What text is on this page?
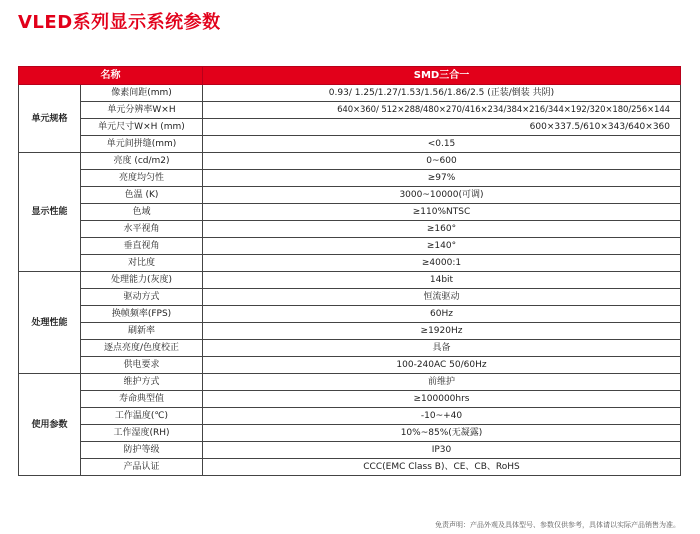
VLED系列显示系统参数
名称		SMD三合一
单元规格	像素间距(mm)	0.93/ 1.25/1.27/1.53/1.56/1.86/2.5 (正装/倒装 共阴)
	单元分辨率W×H	640×360/ 512×288/480×270/416×234/384×216/344×192/320×180/256×144
	单元尺寸W×H (mm)	600×337.5/610×343/640×360
	单元间拼缝(mm)	<0.15
显示性能	亮度 (cd/m2)	0~600
	亮度均匀性	≥97%
	色温 (K)	3000~10000(可调)
	色域	≥110%NTSC
	水平视角	≥160°
	垂直视角	≥140°
	对比度	≥4000:1
处理性能	处理能力(灰度)	14bit
	驱动方式	恒流驱动
	换帧频率(FPS)	60Hz
	刷新率	≥1920Hz
	逐点亮度/色度校正	具备
	供电要求	100-240AC 50/60Hz
使用参数	维护方式	前维护
	寿命典型值	≥100000hrs
	工作温度(℃)	-10~+40
	工作湿度(RH)	10%~85%(无凝露)
	防护等级	IP30
	产品认证	CCC(EMC Class B)、CE、CB、RoHS
免责声明：产品外观及具体型号、参数仅供参考，具体请以实际产品销售为准。
